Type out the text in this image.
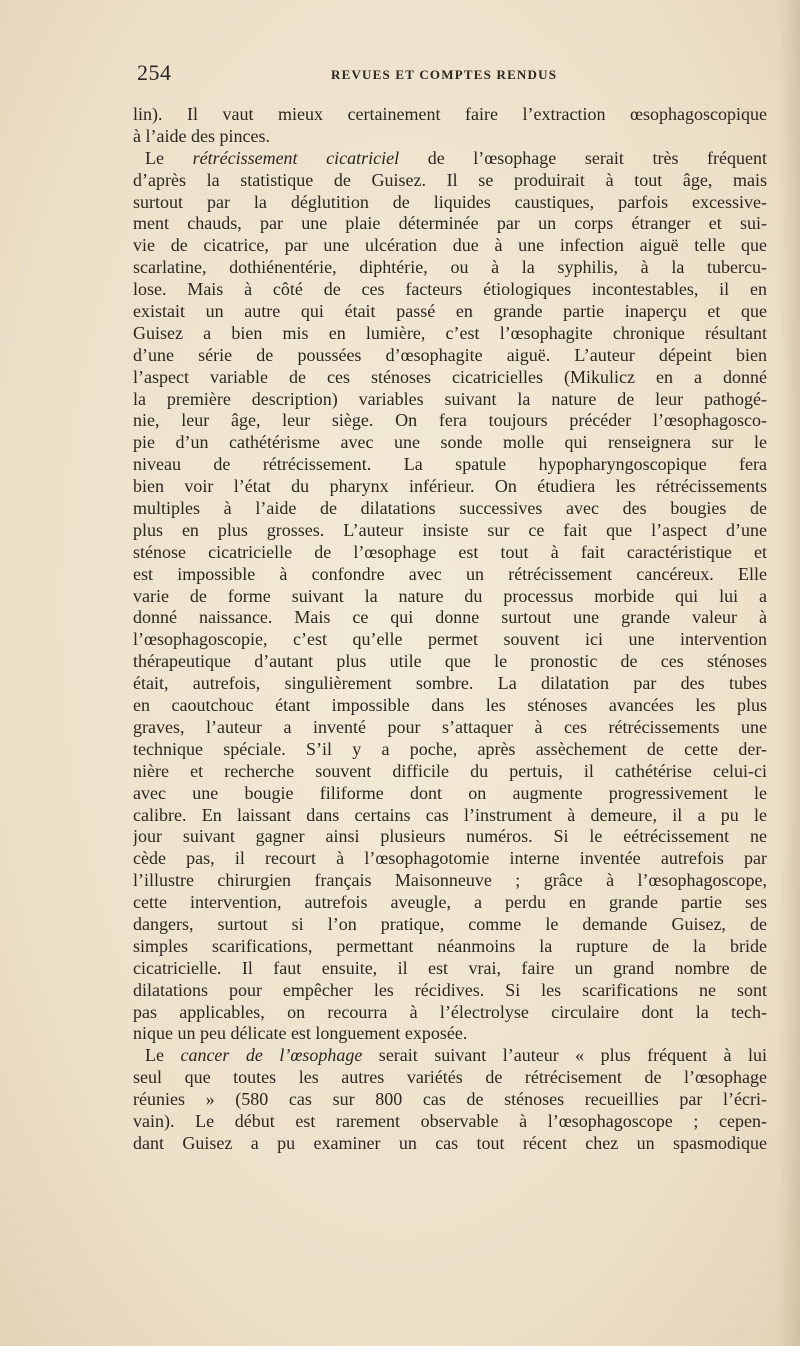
254	REVUES ET COMPTES RENDUS
lin). Il vaut mieux certainement faire l’extraction œsophagoscopique
à l’aide des pinces.
Le rétrécissement cicatriciel de l’œsophage serait très fréquent
d’après la statistique de Guisez. Il se produirait à tout âge, mais
surtout par la déglutition de liquides caustiques, parfois excessive-
ment chauds, par une plaie déterminée par un corps étranger et sui-
vie de cicatrice, par une ulcération due à une infection aiguë telle que
scarlatine, dothiénentérie, diphtérie, ou à la syphilis, à la tubercu-
lose. Mais à côté de ces facteurs étiologiques incontestables, il en
existait un autre qui était passé en grande partie inaperçu et que
Guisez a bien mis en lumière, c’est l’œsophagite chronique résultant
d’une série de poussées d’œsophagite aiguë. L’auteur dépeint bien
l’aspect variable de ces sténoses cicatricielles (Mikulicz en a donné
la première description) variables suivant la nature de leur pathogé-
nie, leur âge, leur siège. On fera toujours précéder l’œsophagosco-
pie d’un cathétérisme avec une sonde molle qui renseignera sur le
niveau de rétrécissement. La spatule hypopharyngoscopique fera
bien voir l’état du pharynx inférieur. On étudiera les rétrécissements
multiples à l’aide de dilatations successives avec des bougies de
plus en plus grosses. L’auteur insiste sur ce fait que l’aspect d’une
sténose cicatricielle de l’œsophage est tout à fait caractéristique et
est impossible à confondre avec un rétrécissement cancéreux. Elle
varie de forme suivant la nature du processus morbide qui lui a
donné naissance. Mais ce qui donne surtout une grande valeur à
l’œsophagoscopie, c’est qu’elle permet souvent ici une intervention
thérapeutique d’autant plus utile que le pronostic de ces sténoses
était, autrefois, singulièrement sombre. La dilatation par des tubes
en caoutchouc étant impossible dans les sténoses avancées les plus
graves, l’auteur a inventé pour s’attaquer à ces rétrécissements une
technique spéciale. S’il y a poche, après assèchement de cette der-
nière et recherche souvent difficile du pertuis, il cathétérise celui-ci
avec une bougie filiforme dont on augmente progressivement le
calibre. En laissant dans certains cas l’instrument à demeure, il a pu le
jour suivant gagner ainsi plusieurs numéros. Si le eétrécissement ne
cède pas, il recourt à l’œsophagotomie interne inventée autrefois par
l’illustre chirurgien français Maisonneuve ; grâce à l’œsophagoscope,
cette intervention, autrefois aveugle, a perdu en grande partie ses
dangers, surtout si l’on pratique, comme le demande Guisez, de
simples scarifications, permettant néanmoins la rupture de la bride
cicatricielle. Il faut ensuite, il est vrai, faire un grand nombre de
dilatations pour empêcher les récidives. Si les scarifications ne sont
pas applicables, on recourra à l’électrolyse circulaire dont la tech-
nique un peu délicate est longuement exposée.
Le cancer de l’œsophage serait suivant l’auteur « plus fréquent à lui
seul que toutes les autres variétés de rétrécisement de l’œsophage
réunies » (580 cas sur 800 cas de sténoses recueillies par l’écri-
vain). Le début est rarement observable à l’œsophagoscope ; cepen-
dant Guisez a pu examiner un cas tout récent chez un spasmodique
